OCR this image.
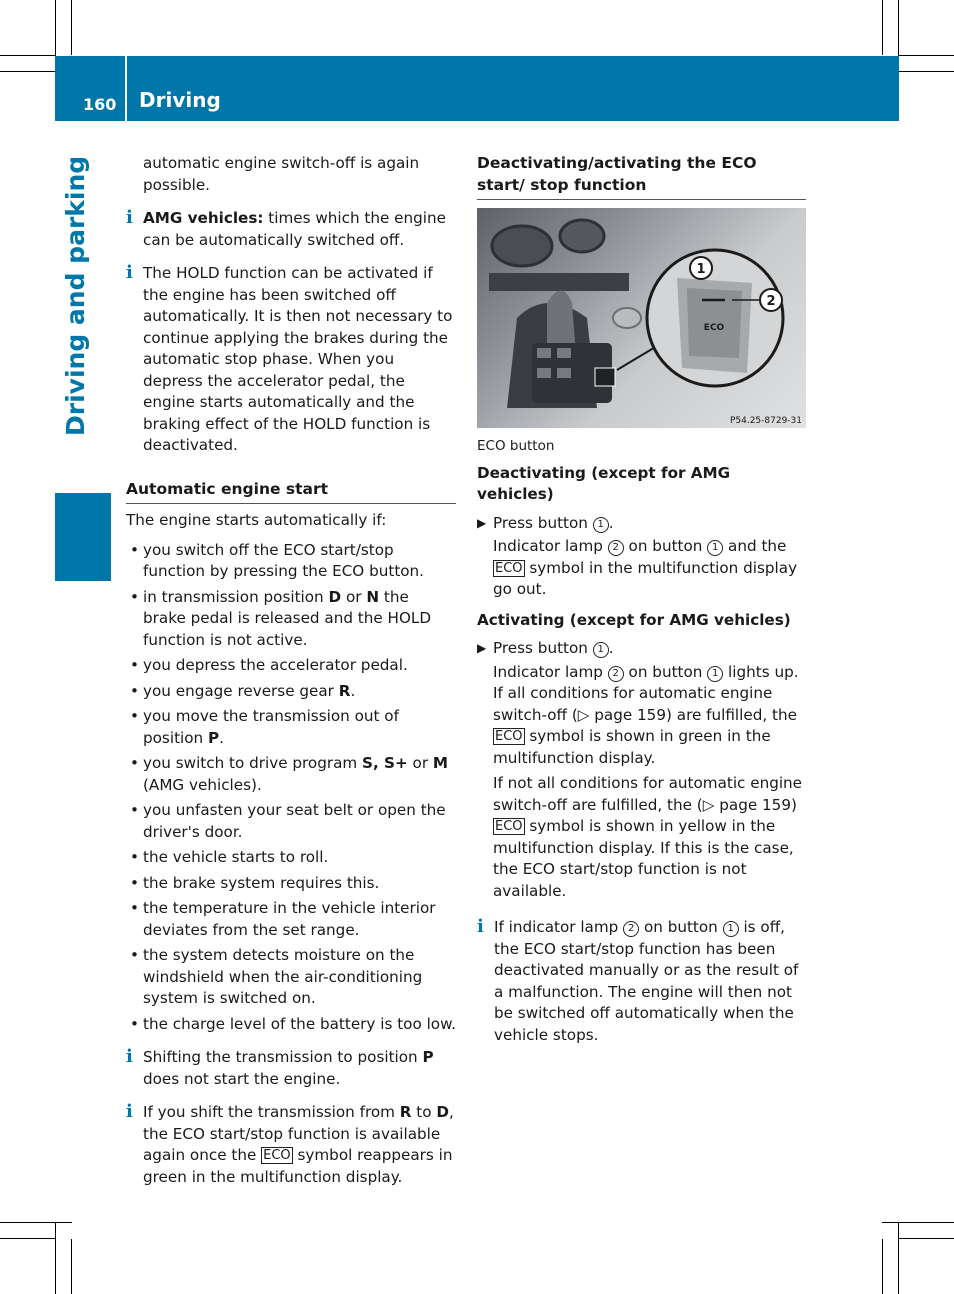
160 Driving
Driving and parking	automatic engine switch-off is again possible.

i AMG vehicles: times which the engine can be automatically switched off.

i The HOLD function can be activated if the engine has been switched off automatically. It is then not necessary to continue applying the brakes during the automatic stop phase. When you depress the accelerator pedal, the engine starts automatically and the braking effect of the HOLD function is deactivated.

Automatic engine start

The engine starts automatically if:

• you switch off the ECO start/stop function by pressing the ECO button.

• in transmission position D or N the brake pedal is released and the HOLD function is not active.

• you depress the accelerator pedal.

• you engage reverse gear R.

• you move the transmission out of position P.

• you switch to drive program S, S+ or M (AMG vehicles).

• you unfasten your seat belt or open the driver's door.

• the vehicle starts to roll.

• the brake system requires this.

• the temperature in the vehicle interior deviates from the set range.

• the system detects moisture on the windshield when the air-conditioning system is switched on.

• the charge level of the battery is too low.

i Shifting the transmission to position P does not start the engine.

i If you shift the transmission from R to D, the ECO start/stop function is available again once the ECO symbol reappears in green in the multifunction display.

Deactivating/activating the ECO start/ stop function
1
2
ECO
P54.25-8729-31

ECO button

Deactivating (except for AMG vehicles)

▶ Press button 1 .

Indicator lamp 2 on button 1 and the
ECO symbol in the multifunction display go out.

Activating (except for AMG vehicles)

▶ Press button 1 .

Indicator lamp 2 on button 1 lights up. If all conditions for automatic engine switch-off (▷ page 159) are fulfilled, the ECO symbol is shown in green in the multifunction display.

If not all conditions for automatic engine switch-off are fulfilled, the (▷ page 159)ECO symbol is shown in yellow in the multifunction display. If this is the case, the ECO start/stop function is not available.

i If indicator lamp 2 on button 1 is off, the ECO start/stop function has been deactivated manually or as the result of a malfunction. The engine will then not be switched off automatically when the vehicle stops.
